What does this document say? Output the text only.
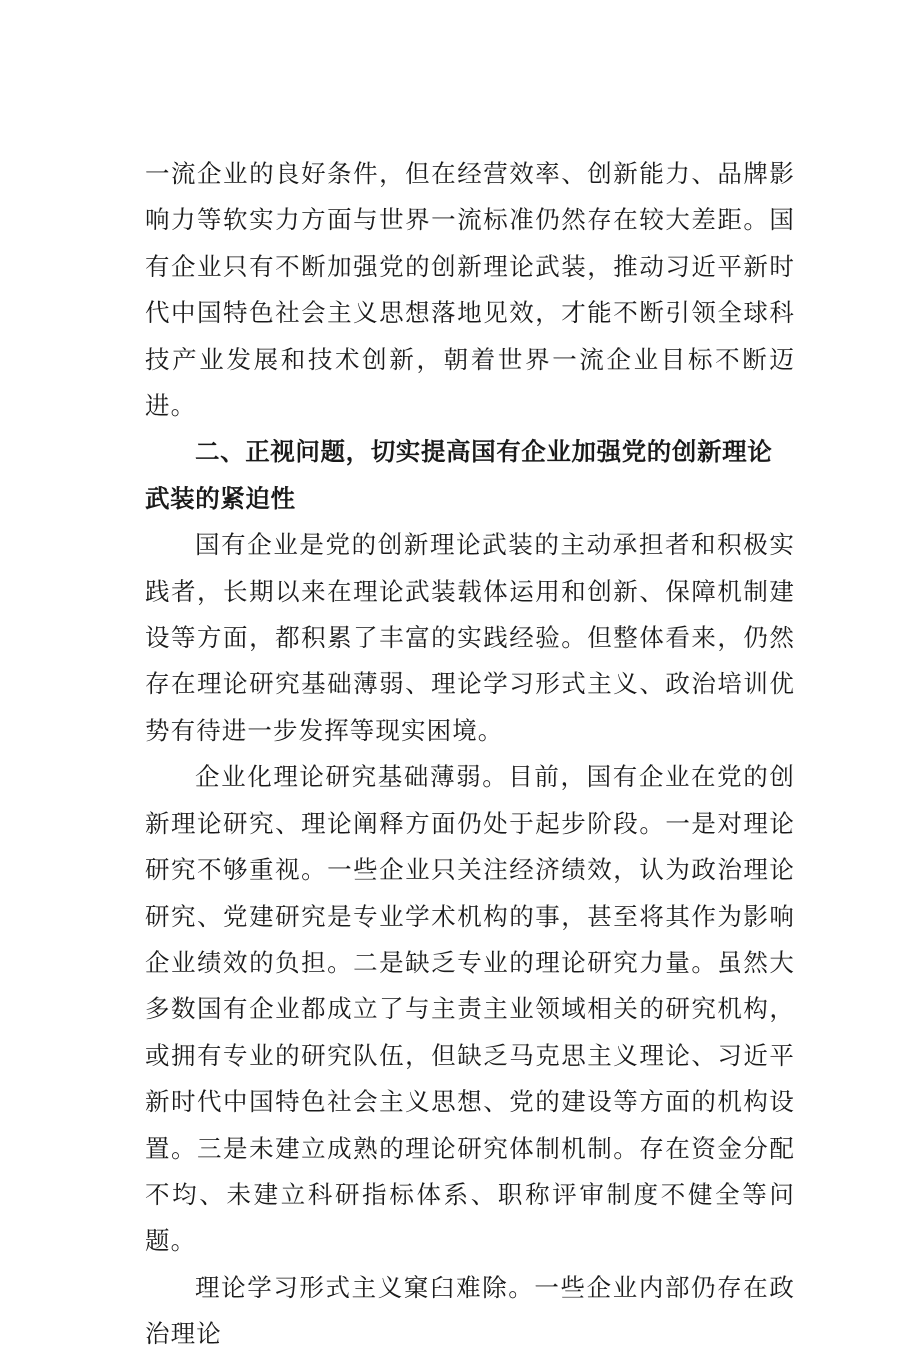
一流企业的良好条件，但在经营效率、创新能力、品牌影响力等软实力方面与世界一流标准仍然存在较大差距。国有企业只有不断加强党的创新理论武装，推动习近平新时代中国特色社会主义思想落地见效，才能不断引领全球科技产业发展和技术创新，朝着世界一流企业目标不断迈进。

二、正视问题，切实提高国有企业加强党的创新理论武装的紧迫性

国有企业是党的创新理论武装的主动承担者和积极实践者，长期以来在理论武装载体运用和创新、保障机制建设等方面，都积累了丰富的实践经验。但整体看来，仍然存在理论研究基础薄弱、理论学习形式主义、政治培训优势有待进一步发挥等现实困境。

企业化理论研究基础薄弱。目前，国有企业在党的创新理论研究、理论阐释方面仍处于起步阶段。一是对理论研究不够重视。一些企业只关注经济绩效，认为政治理论研究、党建研究是专业学术机构的事，甚至将其作为影响企业绩效的负担。二是缺乏专业的理论研究力量。虽然大多数国有企业都成立了与主责主业领域相关的研究机构，或拥有专业的研究队伍，但缺乏马克思主义理论、习近平新时代中国特色社会主义思想、党的建设等方面的机构设置。三是未建立成熟的理论研究体制机制。存在资金分配不均、未建立科研指标体系、职称评审制度不健全等问题。

理论学习形式主义窠臼难除。一些企业内部仍存在政治理论
